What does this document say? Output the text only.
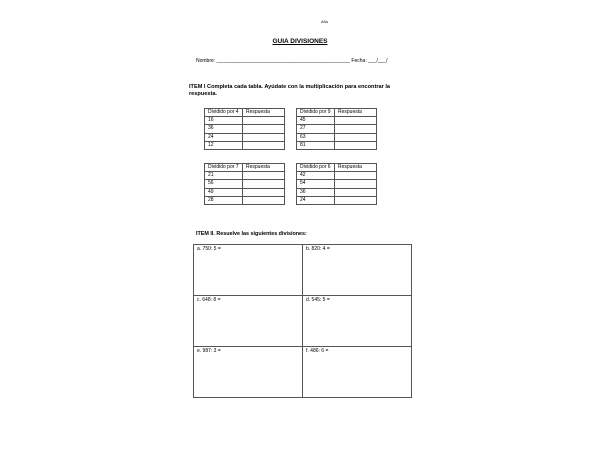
Año
GUIA DIVISIONES
Nombre: ________________________________________________ Fecha: ___/___/
ITEM I Completa cada tabla. Ayúdate con la multiplicación para encontrar la respuesta.
Dividido por 4	Respuesta
16	
36	
24	
12	
Dividido por 9	Respuesta
45	
27	
63	
81	
Dividido por 7	Respuesta
21	
56	
49	
28	
Dividido por 6	Respuesta
42	
54	
36	
24	
ITEM II. Resuelve las siguientes divisiones:
a. 750: 5 =	b. 820: 4 =
c. 648: 8 =	d. 545: 5 =
e. 987: 3 =	f. 486: 6 =
